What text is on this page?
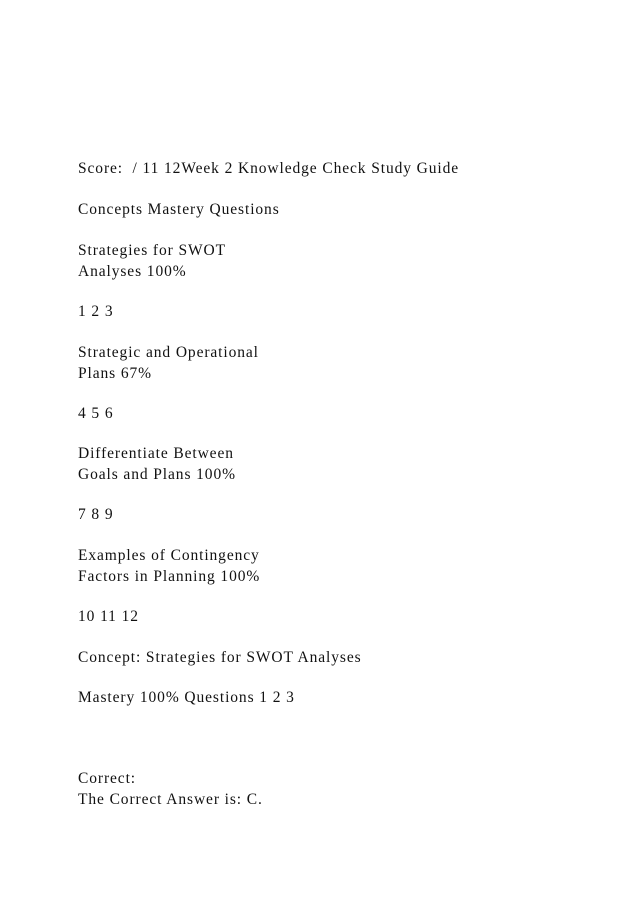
Score:  / 11 12Week 2 Knowledge Check Study Guide

Concepts Mastery Questions

Strategies for SWOT

Analyses 100%

1 2 3

Strategic and Operational

Plans 67%

4 5 6

Differentiate Between

Goals and Plans 100%

7 8 9

Examples of Contingency

Factors in Planning 100%

10 11 12

Concept: Strategies for SWOT Analyses

Mastery 100% Questions 1 2 3

Correct:

The Correct Answer is: C.
